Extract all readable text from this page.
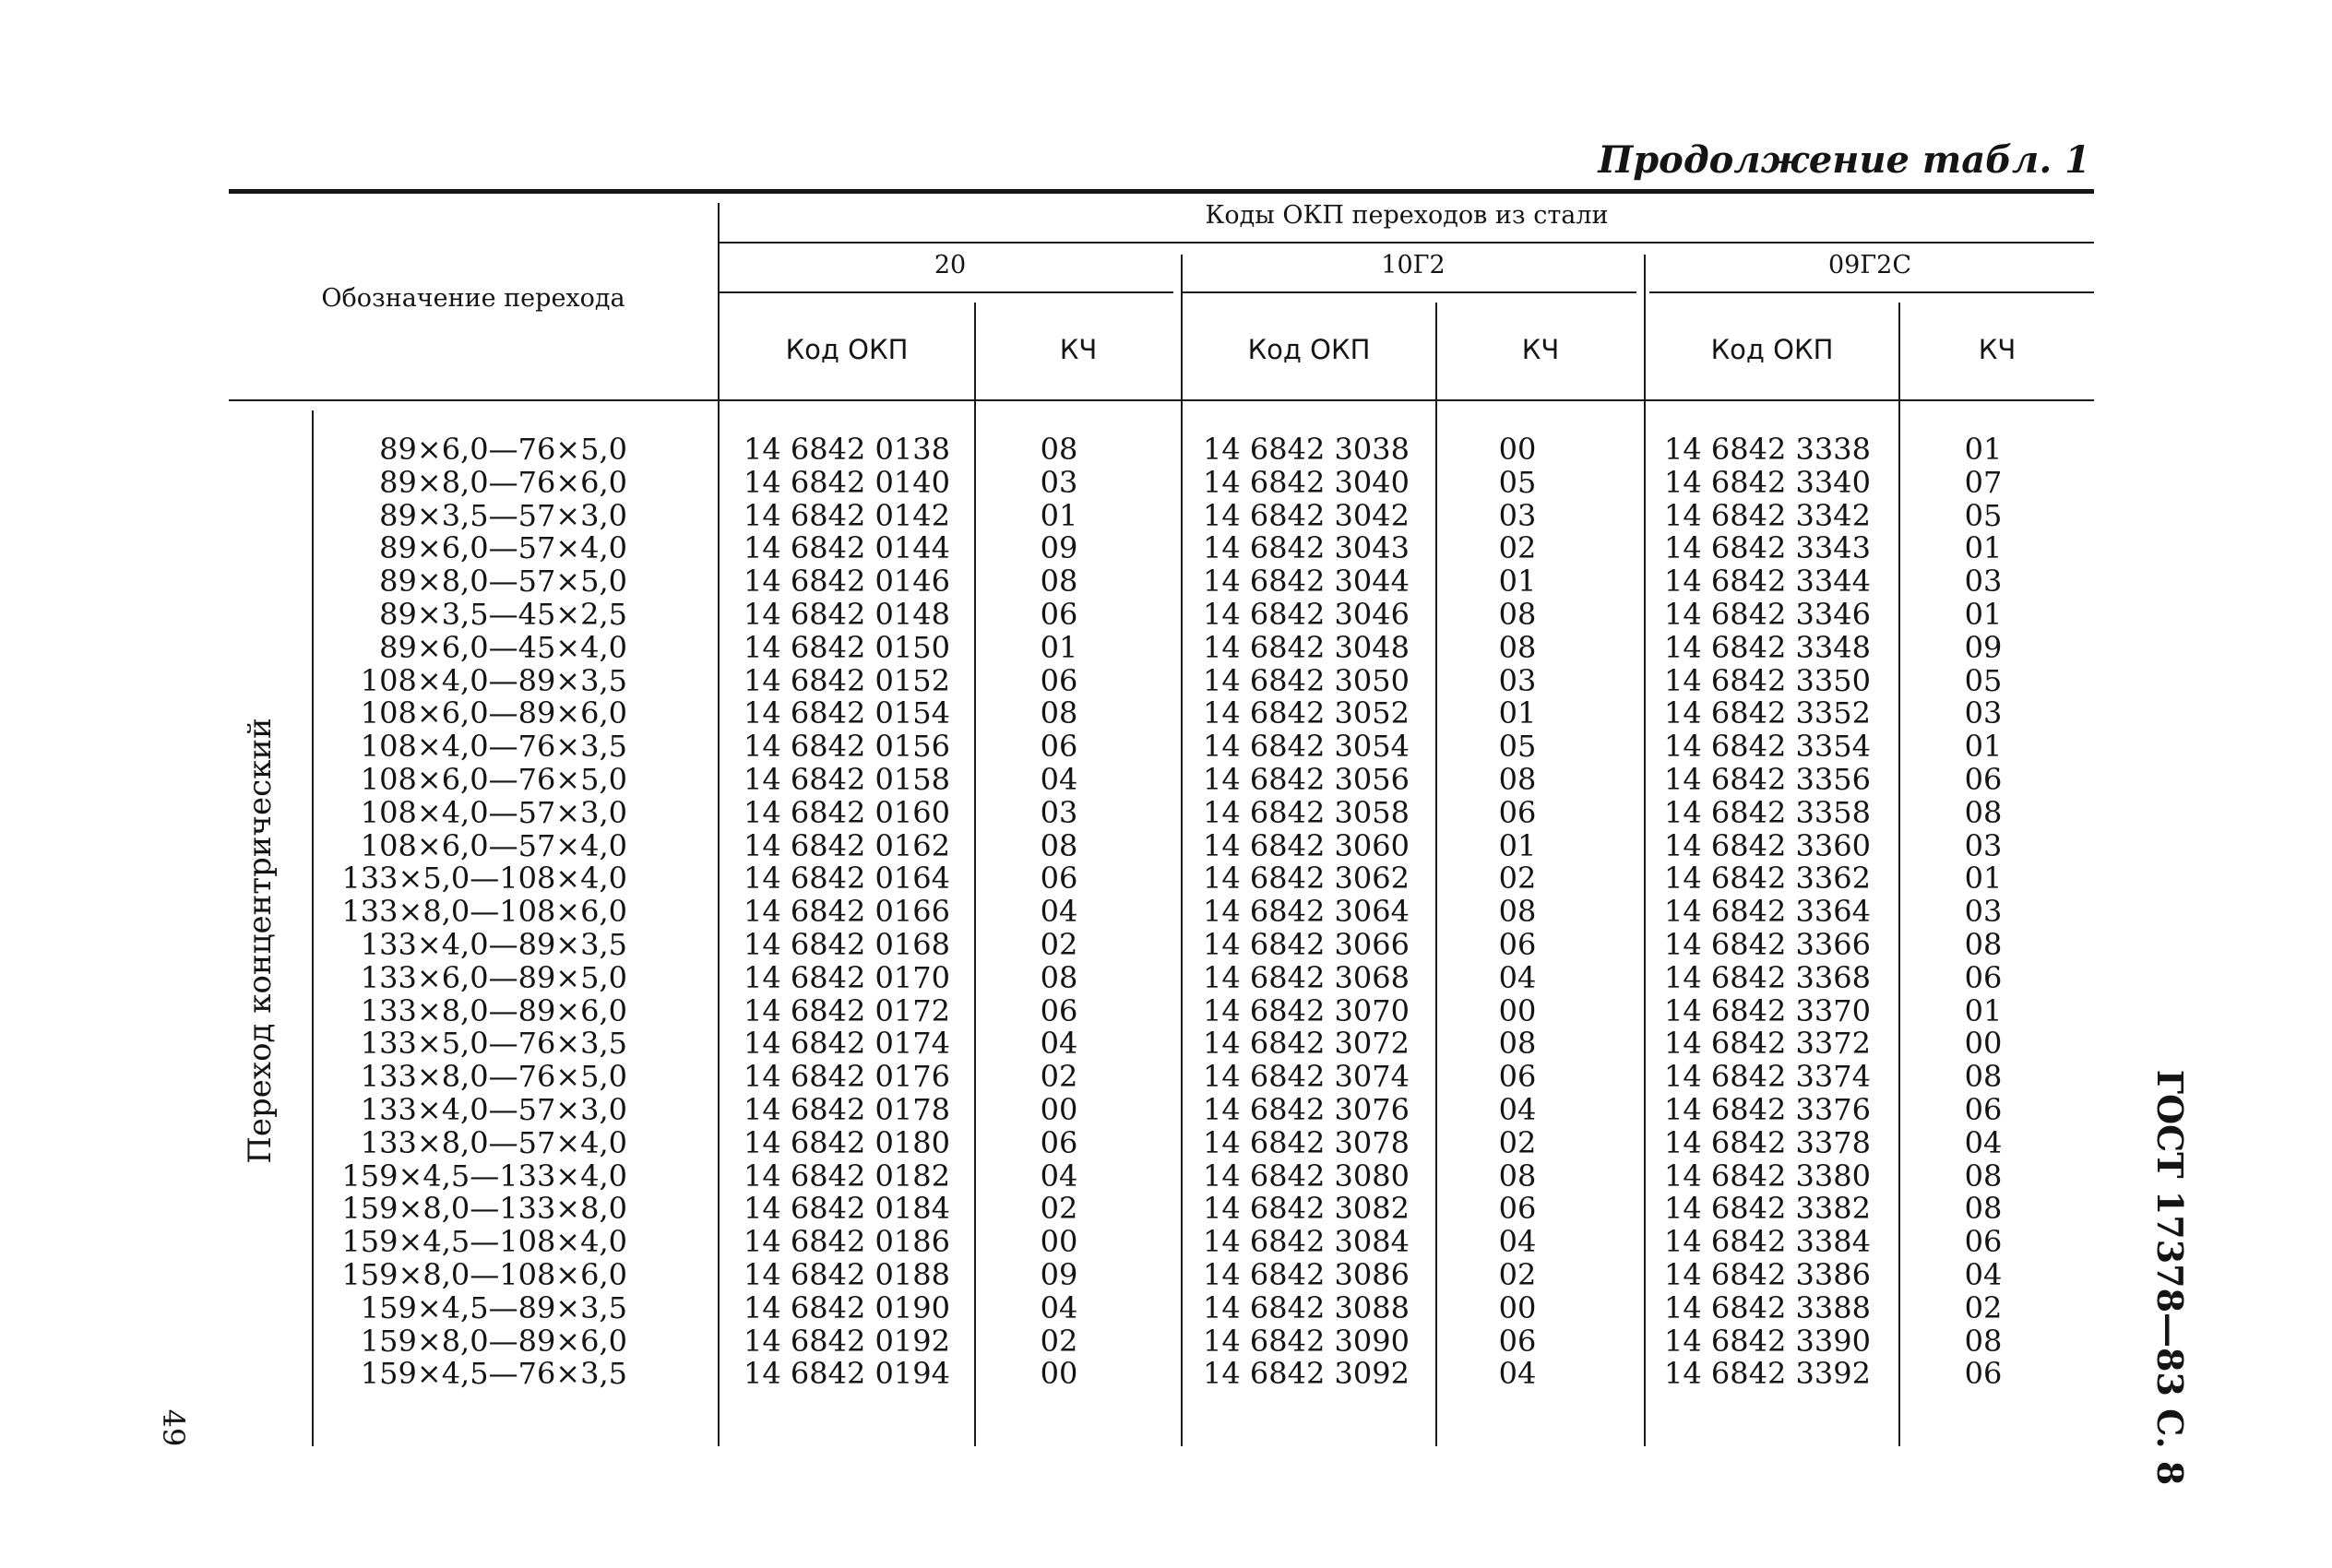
Продолжение табл. 1
Обозначение перехода
Коды ОКП переходов из стали
20	10Г2	09Г2С
Код ОКП	КЧ	Код ОКП	КЧ	Код ОКП	КЧ
Переход концентрический
89×6,0—76×5,0	14 6842 0138	08	14 6842 3038	00	14 6842 3338	01
89×8,0—76×6,0	14 6842 0140	03	14 6842 3040	05	14 6842 3340	07
89×3,5—57×3,0	14 6842 0142	01	14 6842 3042	03	14 6842 3342	05
89×6,0—57×4,0	14 6842 0144	09	14 6842 3043	02	14 6842 3343	01
89×8,0—57×5,0	14 6842 0146	08	14 6842 3044	01	14 6842 3344	03
89×3,5—45×2,5	14 6842 0148	06	14 6842 3046	08	14 6842 3346	01
89×6,0—45×4,0	14 6842 0150	01	14 6842 3048	08	14 6842 3348	09
108×4,0—89×3,5	14 6842 0152	06	14 6842 3050	03	14 6842 3350	05
108×6,0—89×6,0	14 6842 0154	08	14 6842 3052	01	14 6842 3352	03
108×4,0—76×3,5	14 6842 0156	06	14 6842 3054	05	14 6842 3354	01
108×6,0—76×5,0	14 6842 0158	04	14 6842 3056	08	14 6842 3356	06
108×4,0—57×3,0	14 6842 0160	03	14 6842 3058	06	14 6842 3358	08
108×6,0—57×4,0	14 6842 0162	08	14 6842 3060	01	14 6842 3360	03
133×5,0—108×4,0	14 6842 0164	06	14 6842 3062	02	14 6842 3362	01
133×8,0—108×6,0	14 6842 0166	04	14 6842 3064	08	14 6842 3364	03
133×4,0—89×3,5	14 6842 0168	02	14 6842 3066	06	14 6842 3366	08
133×6,0—89×5,0	14 6842 0170	08	14 6842 3068	04	14 6842 3368	06
133×8,0—89×6,0	14 6842 0172	06	14 6842 3070	00	14 6842 3370	01
133×5,0—76×3,5	14 6842 0174	04	14 6842 3072	08	14 6842 3372	00
133×8,0—76×5,0	14 6842 0176	02	14 6842 3074	06	14 6842 3374	08
133×4,0—57×3,0	14 6842 0178	00	14 6842 3076	04	14 6842 3376	06
133×8,0—57×4,0	14 6842 0180	06	14 6842 3078	02	14 6842 3378	04
159×4,5—133×4,0	14 6842 0182	04	14 6842 3080	08	14 6842 3380	08
159×8,0—133×8,0	14 6842 0184	02	14 6842 3082	06	14 6842 3382	08
159×4,5—108×4,0	14 6842 0186	00	14 6842 3084	04	14 6842 3384	06
159×8,0—108×6,0	14 6842 0188	09	14 6842 3086	02	14 6842 3386	04
159×4,5—89×3,5	14 6842 0190	04	14 6842 3088	00	14 6842 3388	02
159×8,0—89×6,0	14 6842 0192	02	14 6842 3090	06	14 6842 3390	08
159×4,5—76×3,5	14 6842 0194	00	14 6842 3092	04	14 6842 3392	06
49	ГОСТ 17378—83 С. 8
